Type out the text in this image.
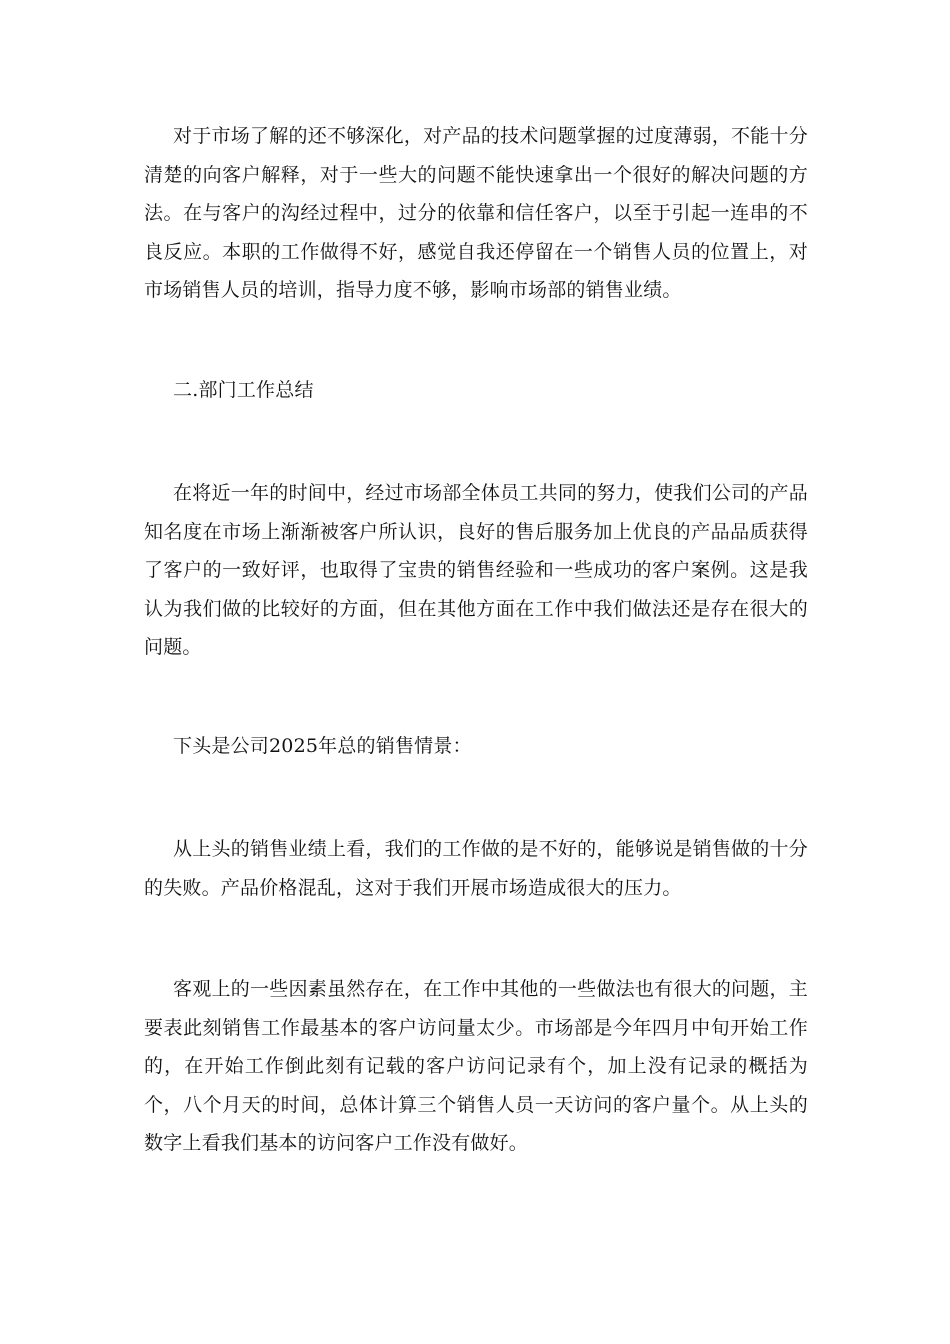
对于市场了解的还不够深化，对产品的技术问题掌握的过度薄弱，不能十分清楚的向客户解释，对于一些大的问题不能快速拿出一个很好的解决问题的方法。在与客户的沟经过程中，过分的依靠和信任客户，以至于引起一连串的不良反应。本职的工作做得不好，感觉自我还停留在一个销售人员的位置上，对市场销售人员的培训，指导力度不够，影响市场部的销售业绩。

二.部门工作总结

在将近一年的时间中，经过市场部全体员工共同的努力，使我们公司的产品知名度在市场上渐渐被客户所认识，良好的售后服务加上优良的产品品质获得了客户的一致好评，也取得了宝贵的销售经验和一些成功的客户案例。这是我认为我们做的比较好的方面，但在其他方面在工作中我们做法还是存在很大的问题。

下头是公司2025年总的销售情景：

从上头的销售业绩上看，我们的工作做的是不好的，能够说是销售做的十分的失败。产品价格混乱，这对于我们开展市场造成很大的压力。

客观上的一些因素虽然存在，在工作中其他的一些做法也有很大的问题，主要表此刻销售工作最基本的客户访问量太少。市场部是今年四月中旬开始工作的，在开始工作倒此刻有记载的客户访问记录有个，加上没有记录的概括为个，八个月天的时间，总体计算三个销售人员一天访问的客户量个。从上头的数字上看我们基本的访问客户工作没有做好。
